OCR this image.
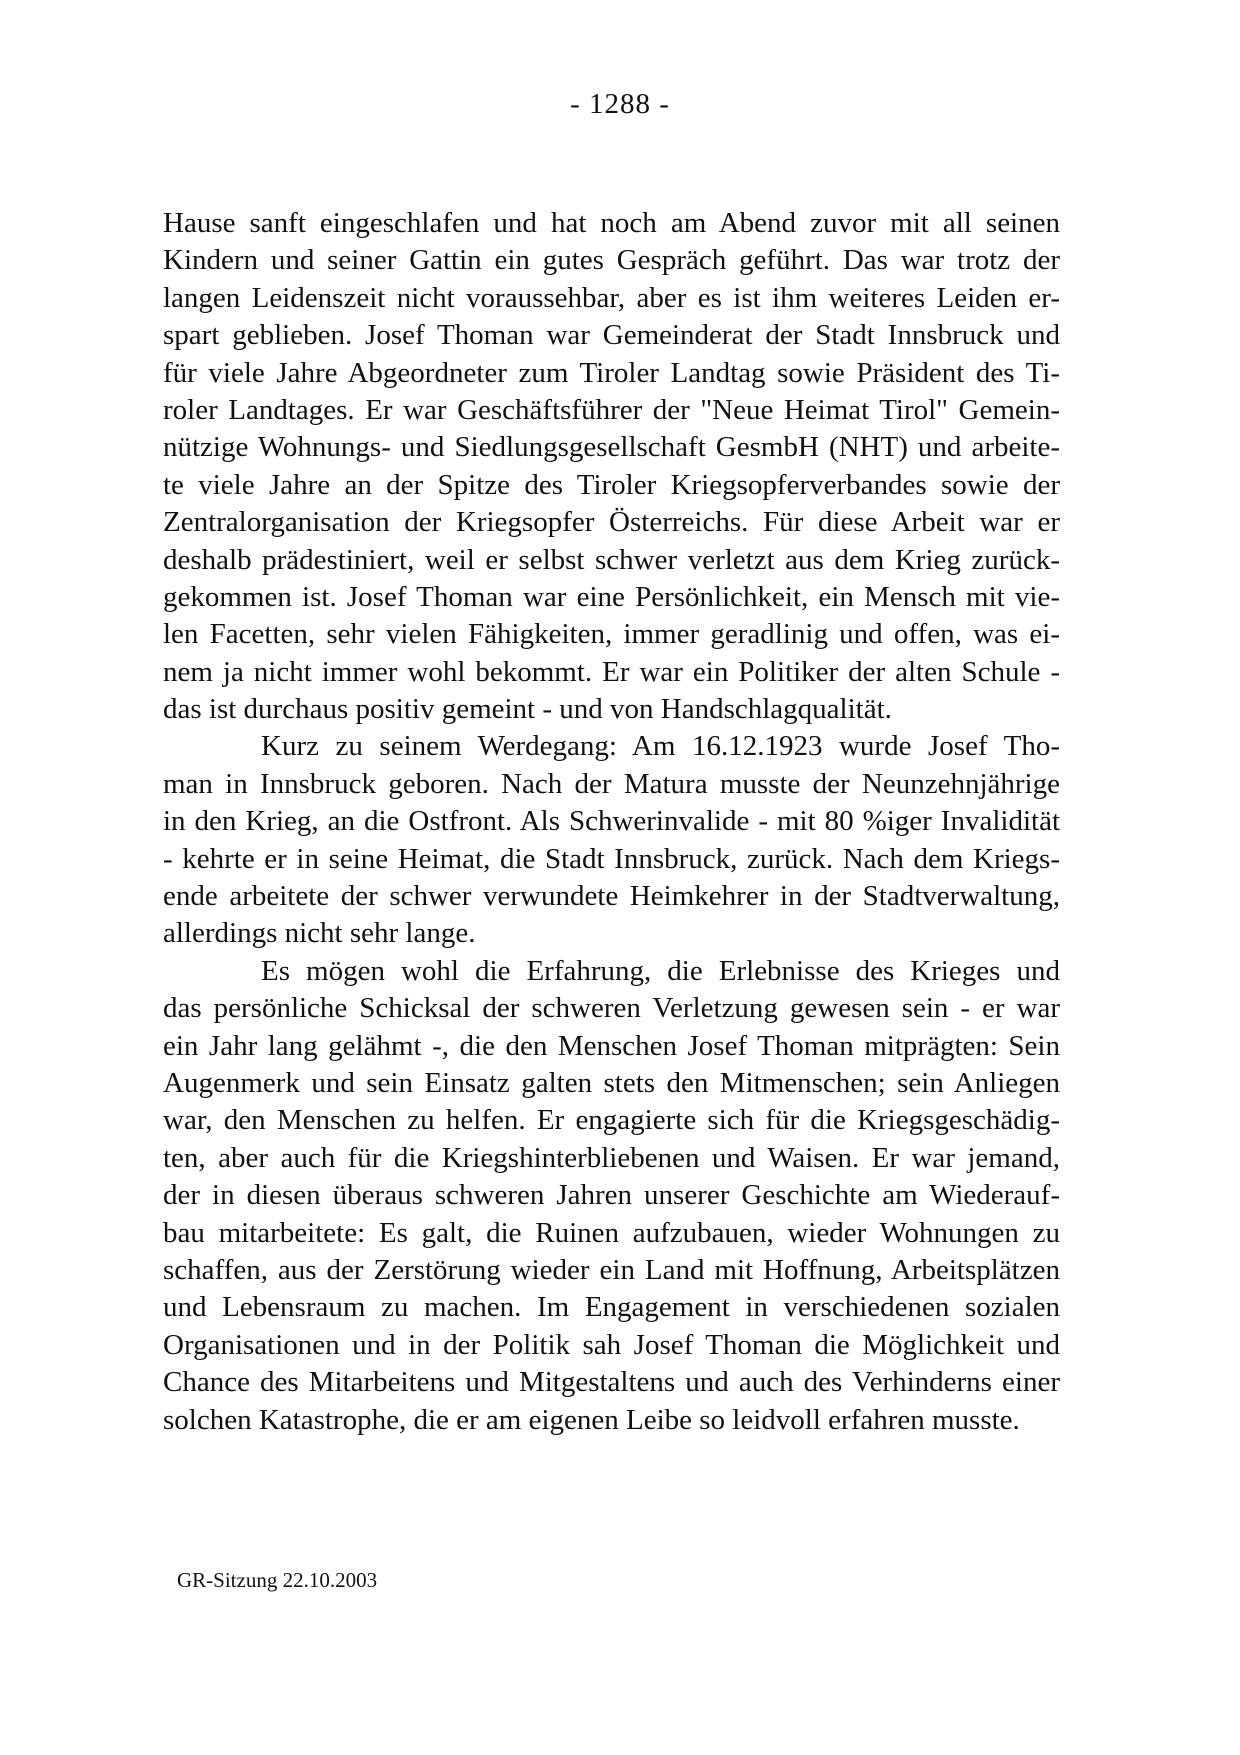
- 1288 -
Hause sanft eingeschlafen und hat noch am Abend zuvor mit all seinen
Kindern und seiner Gattin ein gutes Gespräch geführt. Das war trotz der
langen Leidenszeit nicht voraussehbar, aber es ist ihm weiteres Leiden er-
spart geblieben. Josef Thoman war Gemeinderat der Stadt Innsbruck und
für viele Jahre Abgeordneter zum Tiroler Landtag sowie Präsident des Ti-
roler Landtages. Er war Geschäftsführer der "Neue Heimat Tirol" Gemein-
nützige Wohnungs- und Siedlungsgesellschaft GesmbH (NHT) und arbeite-
te viele Jahre an der Spitze des Tiroler Kriegsopferverbandes sowie der
Zentralorganisation der Kriegsopfer Österreichs. Für diese Arbeit war er
deshalb prädestiniert, weil er selbst schwer verletzt aus dem Krieg zurück-
gekommen ist. Josef Thoman war eine Persönlichkeit, ein Mensch mit vie-
len Facetten, sehr vielen Fähigkeiten, immer geradlinig und offen, was ei-
nem ja nicht immer wohl bekommt. Er war ein Politiker der alten Schule -
das ist durchaus positiv gemeint - und von Handschlagqualität.
Kurz zu seinem Werdegang: Am 16.12.1923 wurde Josef Tho-
man in Innsbruck geboren. Nach der Matura musste der Neunzehnjährige
in den Krieg, an die Ostfront. Als Schwerinvalide - mit 80 %iger Invalidität
- kehrte er in seine Heimat, die Stadt Innsbruck, zurück. Nach dem Kriegs-
ende arbeitete der schwer verwundete Heimkehrer in der Stadtverwaltung,
allerdings nicht sehr lange.
Es mögen wohl die Erfahrung, die Erlebnisse des Krieges und
das persönliche Schicksal der schweren Verletzung gewesen sein - er war
ein Jahr lang gelähmt -, die den Menschen Josef Thoman mitprägten: Sein
Augenmerk und sein Einsatz galten stets den Mitmenschen; sein Anliegen
war, den Menschen zu helfen. Er engagierte sich für die Kriegsgeschädig-
ten, aber auch für die Kriegshinterbliebenen und Waisen. Er war jemand,
der in diesen überaus schweren Jahren unserer Geschichte am Wiederauf-
bau mitarbeitete: Es galt, die Ruinen aufzubauen, wieder Wohnungen zu
schaffen, aus der Zerstörung wieder ein Land mit Hoffnung, Arbeitsplätzen
und Lebensraum zu machen. Im Engagement in verschiedenen sozialen
Organisationen und in der Politik sah Josef Thoman die Möglichkeit und
Chance des Mitarbeitens und Mitgestaltens und auch des Verhinderns einer
solchen Katastrophe, die er am eigenen Leibe so leidvoll erfahren musste.
GR-Sitzung 22.10.2003
